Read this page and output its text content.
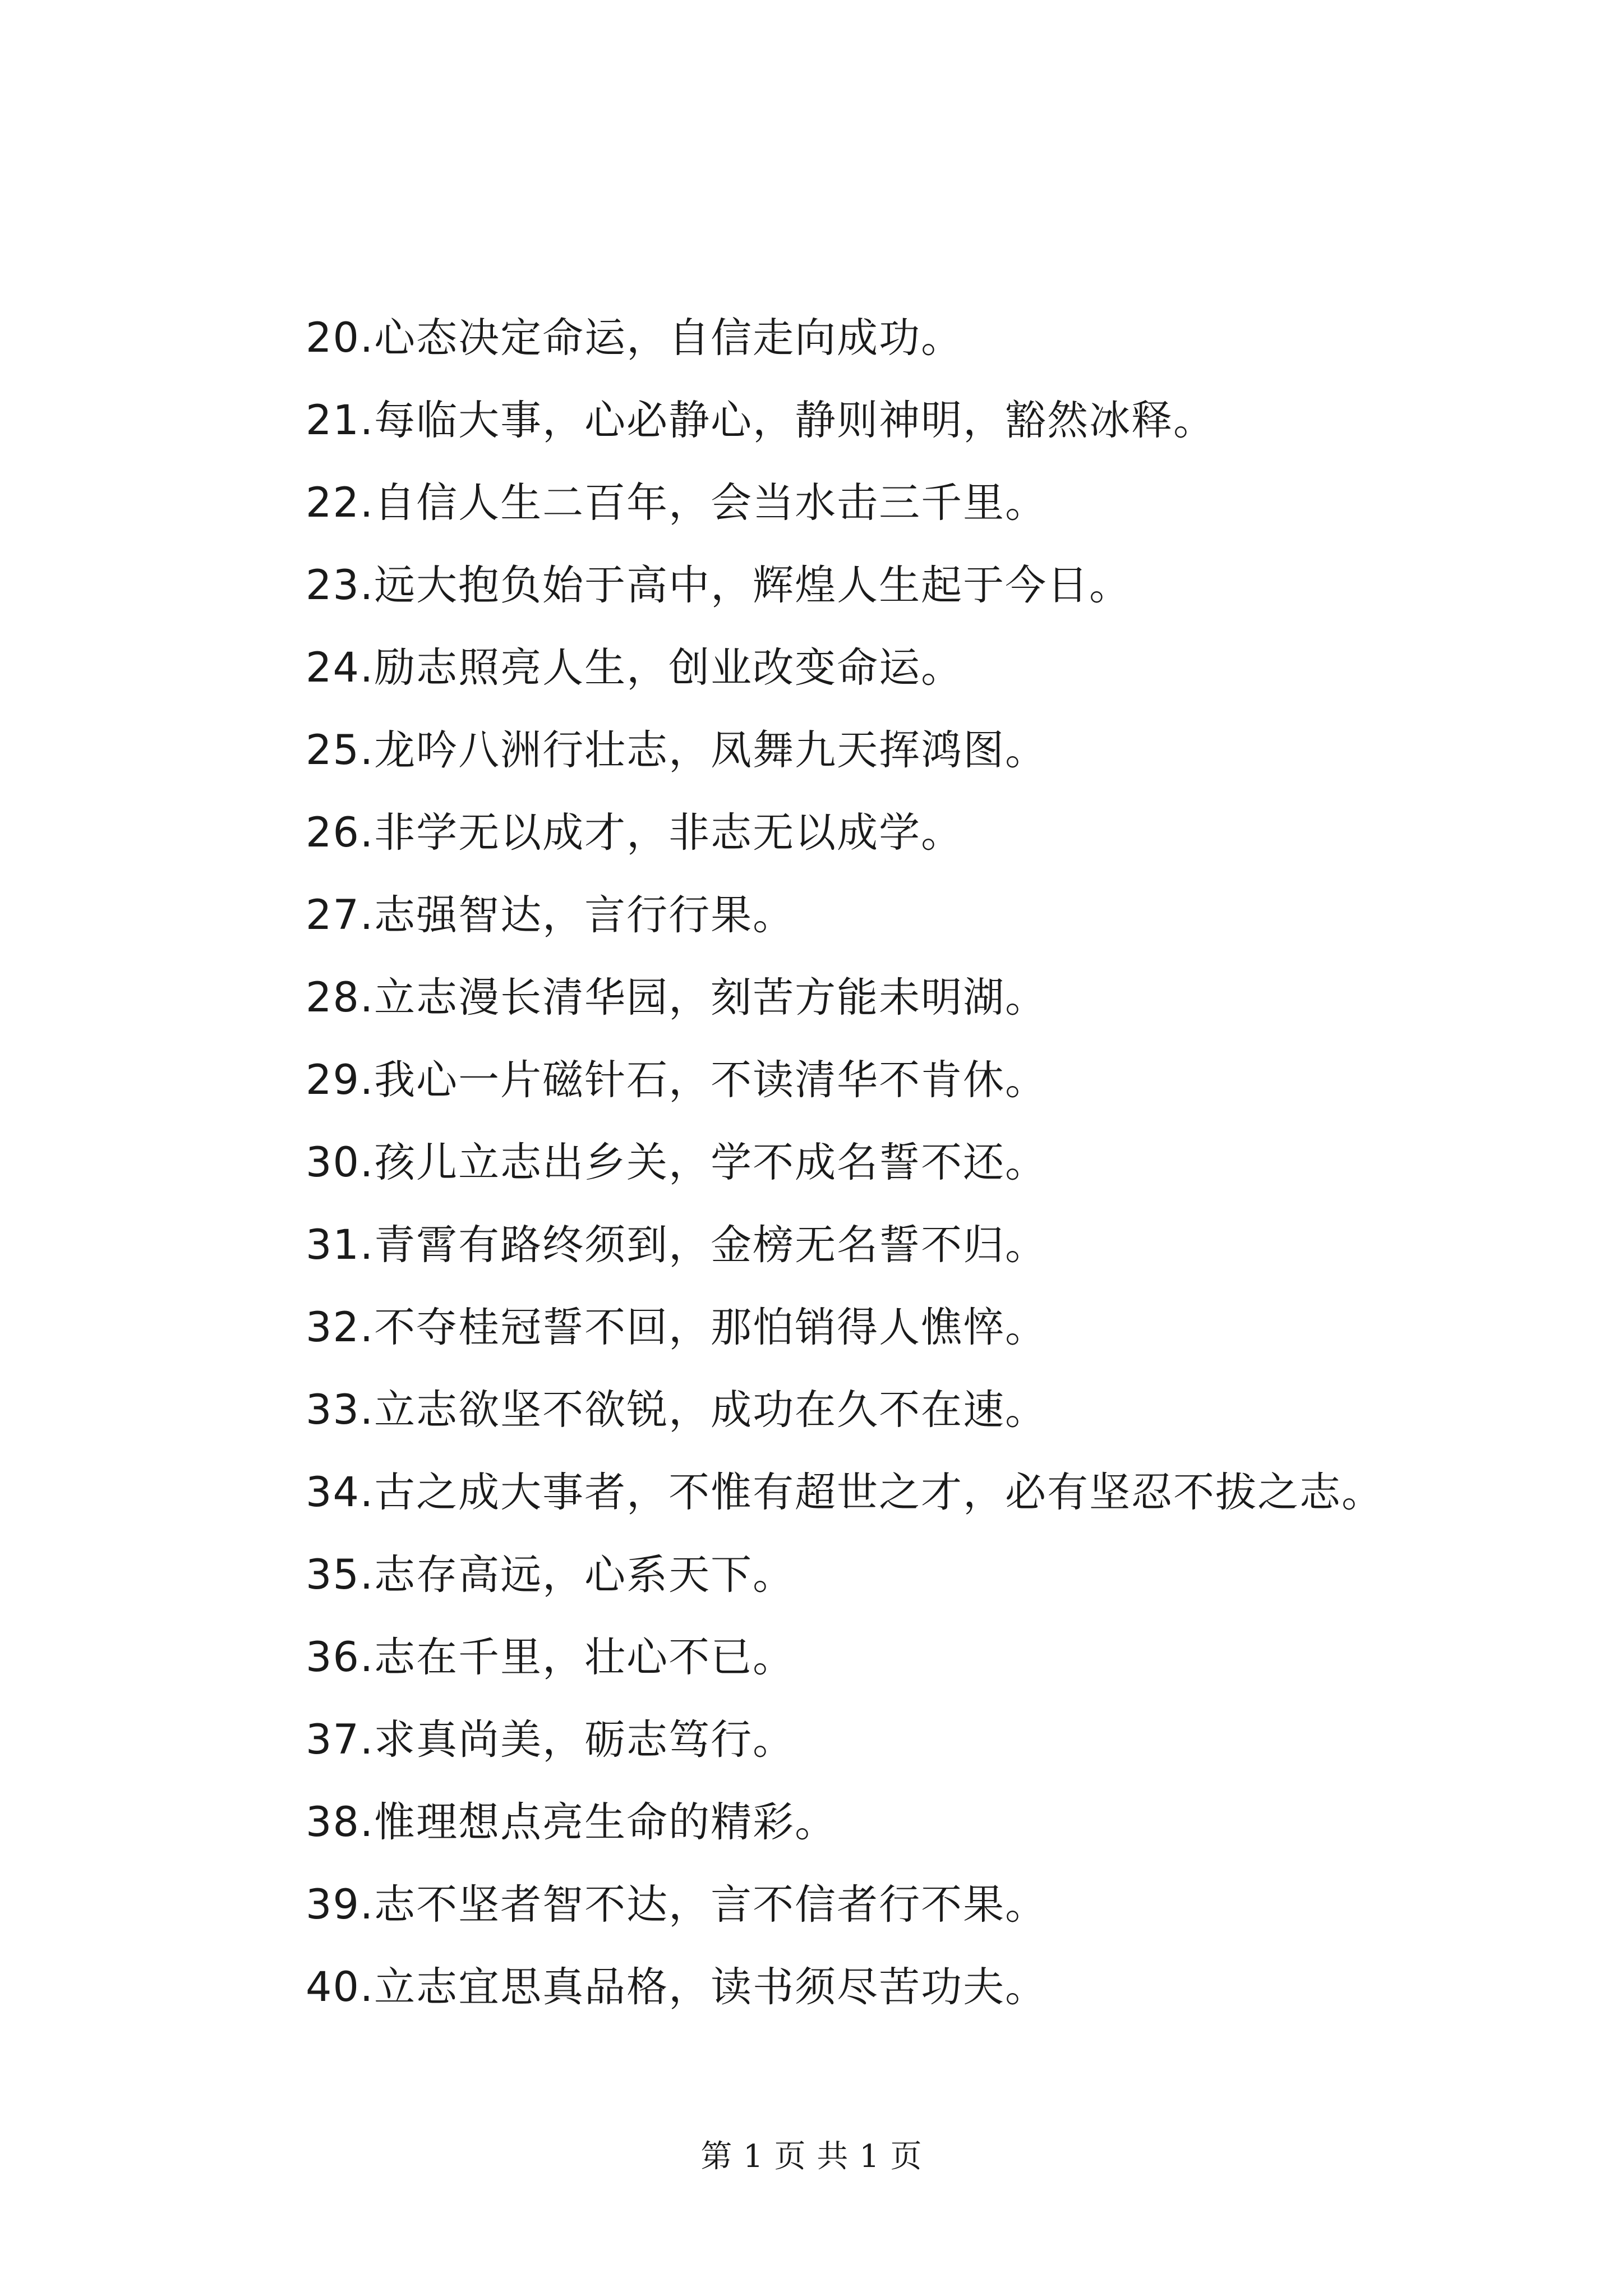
20.心态决定命运，自信走向成功。
21.每临大事，心必静心，静则神明，豁然冰释。
22.自信人生二百年，会当水击三千里。
23.远大抱负始于高中，辉煌人生起于今日。
24.励志照亮人生，创业改变命运。
25.龙吟八洲行壮志，凤舞九天挥鸿图。
26.非学无以成才，非志无以成学。
27.志强智达，言行行果。
28.立志漫长清华园，刻苦方能未明湖。
29.我心一片磁针石，不读清华不肯休。
30.孩儿立志出乡关，学不成名誓不还。
31.青霄有路终须到，金榜无名誓不归。
32.不夺桂冠誓不回，那怕销得人憔悴。
33.立志欲坚不欲锐，成功在久不在速。
34.古之成大事者，不惟有超世之才，必有坚忍不拔之志。
35.志存高远，心系天下。
36.志在千里，壮心不已。
37.求真尚美，砺志笃行。
38.惟理想点亮生命的精彩。
39.志不坚者智不达，言不信者行不果。
40.立志宜思真品格，读书须尽苦功夫。
第 1 页 共 1 页
